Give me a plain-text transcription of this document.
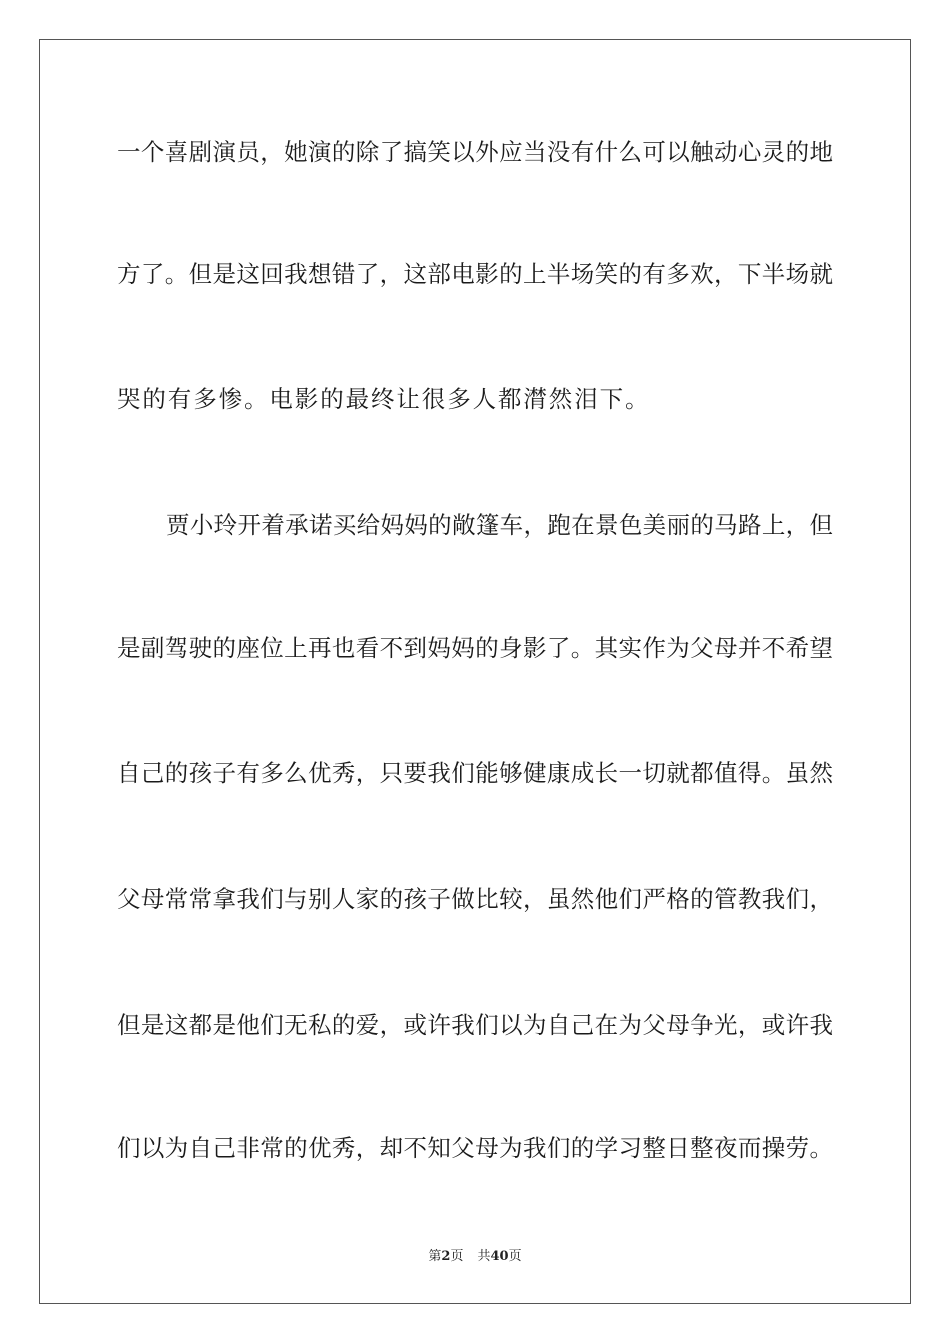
一个喜剧演员，她演的除了搞笑以外应当没有什么可以触动心灵的地
方了。但是这回我想错了，这部电影的上半场笑的有多欢，下半场就
哭的有多惨。电影的最终让很多人都潸然泪下。
贾小玲开着承诺买给妈妈的敞篷车，跑在景色美丽的马路上，但
是副驾驶的座位上再也看不到妈妈的身影了。其实作为父母并不希望
自己的孩子有多么优秀，只要我们能够健康成长一切就都值得。虽然
父母常常拿我们与别人家的孩子做比较，虽然他们严格的管教我们，
但是这都是他们无私的爱，或许我们以为自己在为父母争光，或许我
们以为自己非常的优秀，却不知父母为我们的学习整日整夜而操劳。
第2页 共40页
